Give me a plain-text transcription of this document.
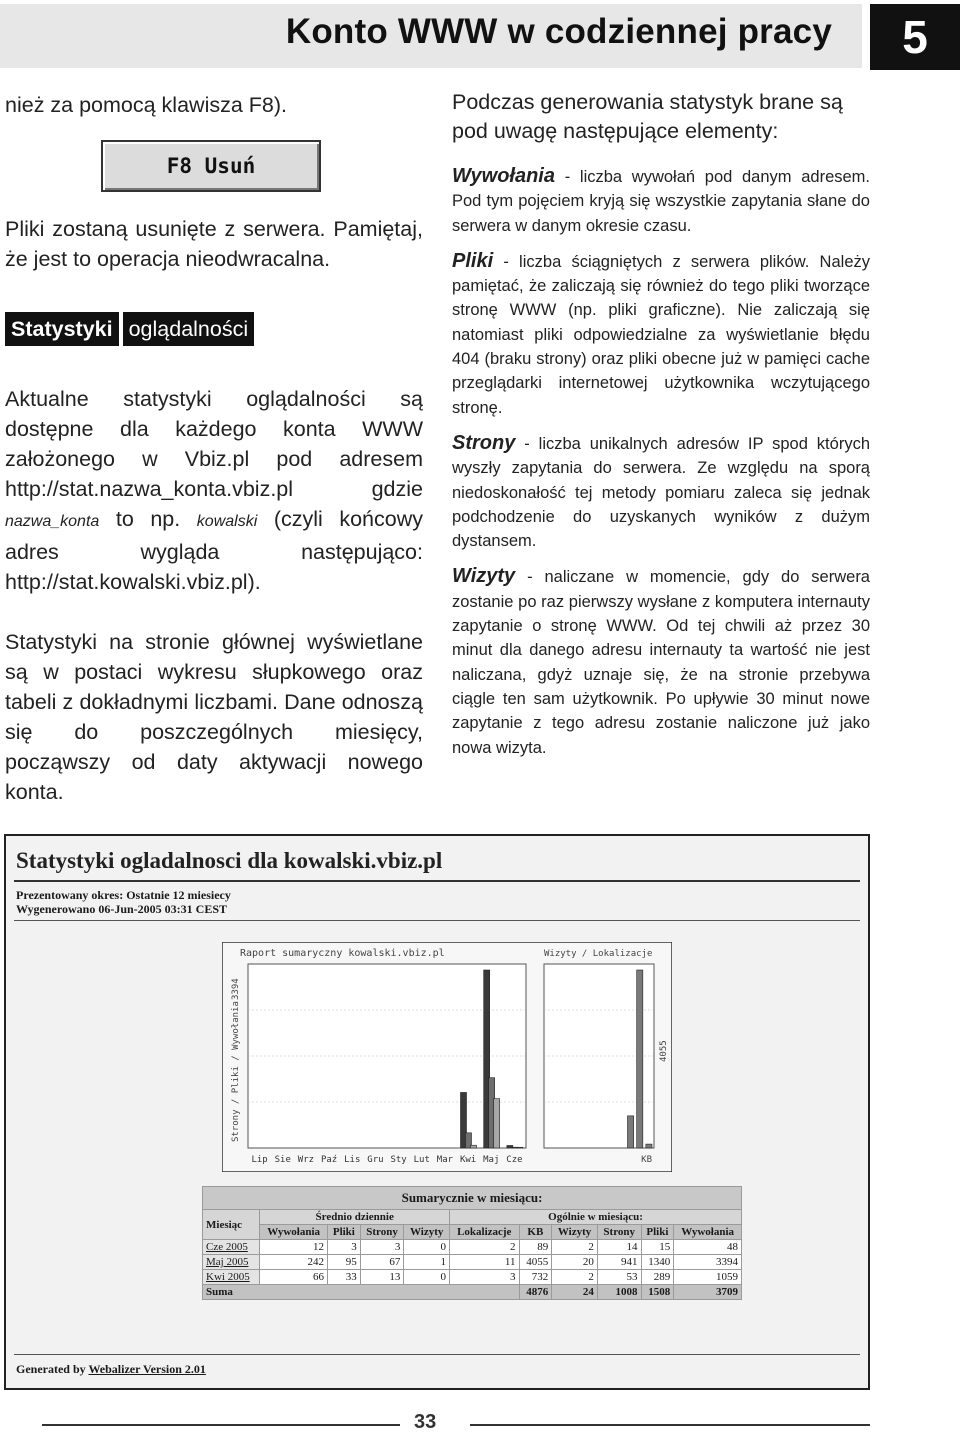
Konto WWW w codziennej pracy	5

nież za pomocą klawisza F8).

F8 Usuń

Pliki zostaną usunięte z serwera. Pamiętaj, że jest to operacja nieodwracalna.

Statystyki oglądalności

Aktualne statystyki oglądalności są dostępne dla każdego konta WWW założonego w Vbiz.pl pod adresem http://stat.nazwa_konta.vbiz.pl gdzie nazwa_konta to np. kowalski (czyli końcowy adres wygląda następująco: http://stat.kowalski.vbiz.pl).

Statystyki na stronie głównej wyświetlane są w postaci wykresu słupkowego oraz tabeli z dokładnymi liczbami. Dane odnoszą się do poszczególnych miesięcy, począwszy od daty aktywacji nowego konta.

Podczas generowania statystyk brane są pod uwagę następujące elementy:

Wywołania - liczba wywołań pod danym adresem. Pod tym pojęciem kryją się wszystkie zapytania słane do serwera w danym okresie czasu.

Pliki - liczba ściągniętych z serwera plików. Należy pamiętać, że zaliczają się również do tego pliki tworzące stronę WWW (np. pliki graficzne). Nie zaliczają się natomiast pliki odpowiedzialne za wyświetlanie błędu 404 (braku strony) oraz pliki obecne już w pamięci cache przeglądarki internetowej użytkownika wczytującego stronę.

Strony - liczba unikalnych adresów IP spod których wyszły zapytania do serwera. Ze względu na sporą niedoskonałość tej metody pomiaru zaleca się jednak podchodzenie do uzyskanych wyników z dużym dystansem.

Wizyty - naliczane w momencie, gdy do serwera zostanie po raz pierwszy wysłane z komputera internauty zapytanie o stronę WWW. Od tej chwili aż przez 30 minut dla danego adresu internauty ta wartość nie jest naliczana, gdyż uznaje się, że na stronie przebywa ciągle ten sam użytkownik. Po upływie 30 minut nowe zapytanie z tego adresu zostanie naliczone już jako nowa wizyta.

Statystyki ogladalnosci dla kowalski.vbiz.pl
Prezentowany okres: Ostatnie 12 miesiecy
Wygenerowano 06-Jun-2005 03:31 CEST
Raport sumaryczny kowalski.vbiz.pl	Wizyty / Lokalizacje
Strony / Pliki / Wywołania
3394
Lip Sie Wrz Paź Lis Gru Sty Lut Mar Kwi Maj Cze
4055
KB
Sumarycznie w miesiącu:										
Miesiąc	Średnio dziennie				Ogólnie w miesiącu:					
	Wywołania	Pliki	Strony	Wizyty	Lokalizacje	KB	Wizyty	Strony	Pliki	Wywołania
Cze 2005	12	3	3	0	2	89	2	14	15	48
Maj 2005	242	95	67	1	11	4055	20	941	1340	3394
Kwi 2005	66	33	13	0	3	732	2	53	289	1059
Suma						4876	24	1008	1508	3709
Generated by Webalizer Version 2.01
33
